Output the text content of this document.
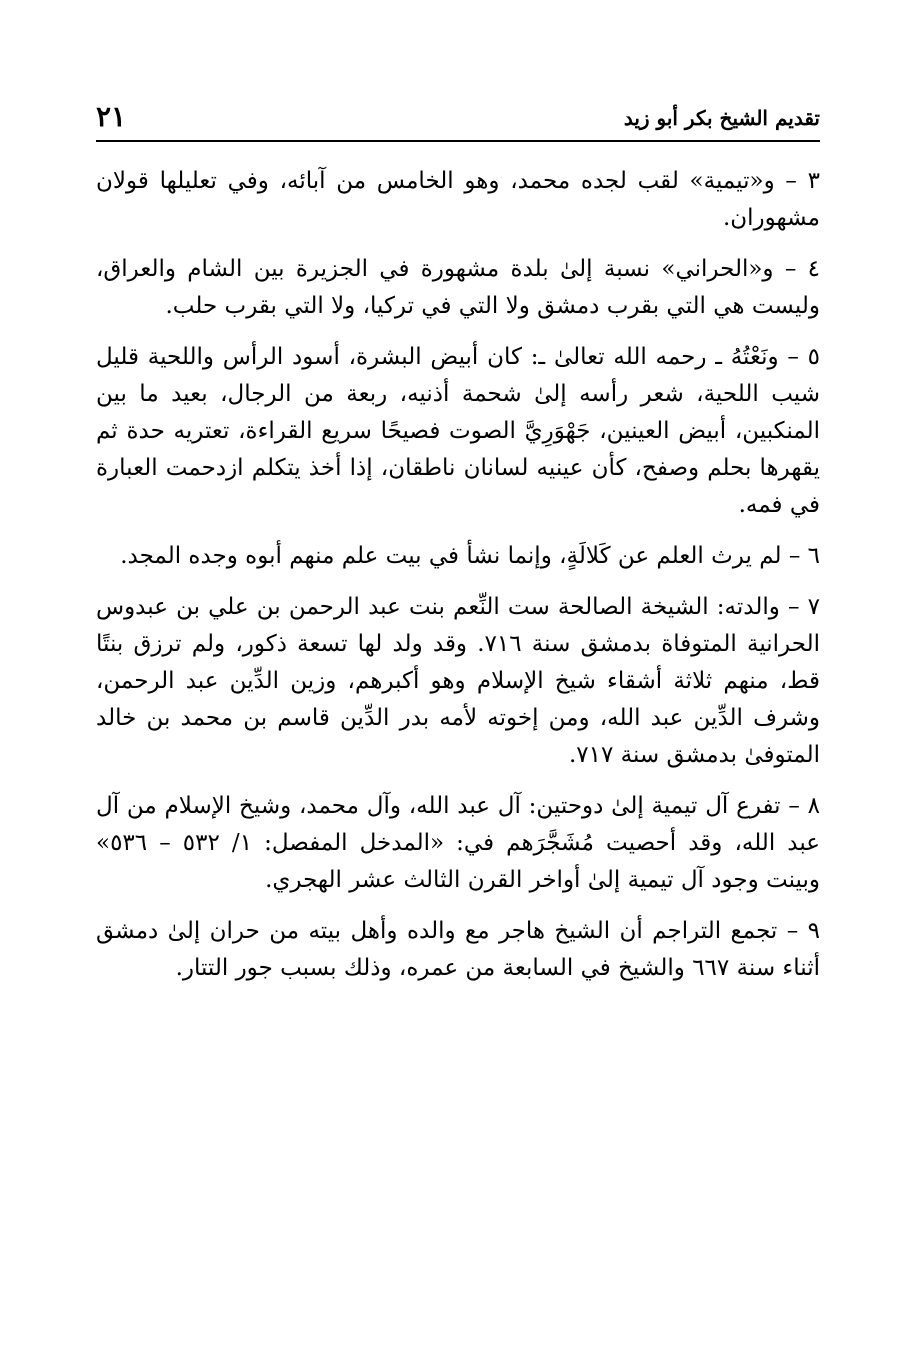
تقديم الشيخ بكر أبو زيد
٢١

٣ – و«تيمية» لقب لجده محمد، وهو الخامس من آبائه، وفي تعليلها قولان مشهوران.

٤ – و«الحراني» نسبة إلىٰ بلدة مشهورة في الجزيرة بين الشام والعراق، وليست هي التي بقرب دمشق ولا التي في تركيا، ولا التي بقرب حلب.

٥ – ونَعْتُهُ ـ رحمه الله تعالىٰ ـ: كان أبيض البشرة، أسود الرأس واللحية قليل شيب اللحية، شعر رأسه إلىٰ شحمة أذنيه، ربعة من الرجال، بعيد ما بين المنكبين، أبيض العينين، جَهْوَرِيَّ الصوت فصيحًا سريع القراءة، تعتريه حدة ثم يقهرها بحلم وصفح، كأن عينيه لسانان ناطقان، إذا أخذ يتكلم ازدحمت العبارة في فمه.

٦ – لم يرث العلم عن كَلالَةٍ، وإنما نشأ في بيت علم منهم أبوه وجده المجد.

٧ – والدته: الشيخة الصالحة ست النِّعم بنت عبد الرحمن بن علي بن عبدوس الحرانية المتوفاة بدمشق سنة ٧١٦. وقد ولد لها تسعة ذكور، ولم ترزق بنتًا قط، منهم ثلاثة أشقاء شيخ الإسلام وهو أكبرهم، وزين الدِّين عبد الرحمن، وشرف الدِّين عبد الله، ومن إخوته لأمه بدر الدِّين قاسم بن محمد بن خالد المتوفىٰ بدمشق سنة ٧١٧.

٨ – تفرع آل تيمية إلىٰ دوحتين: آل عبد الله، وآل محمد، وشيخ الإسلام من آل عبد الله، وقد أحصيت مُشَجَّرَهم في: «المدخل المفصل: ١/ ٥٣٢ – ٥٣٦» وبينت وجود آل تيمية إلىٰ أواخر القرن الثالث عشر الهجري.

٩ – تجمع التراجم أن الشيخ هاجر مع والده وأهل بيته من حران إلىٰ دمشق أثناء سنة ٦٦٧ والشيخ في السابعة من عمره، وذلك بسبب جور التتار.
